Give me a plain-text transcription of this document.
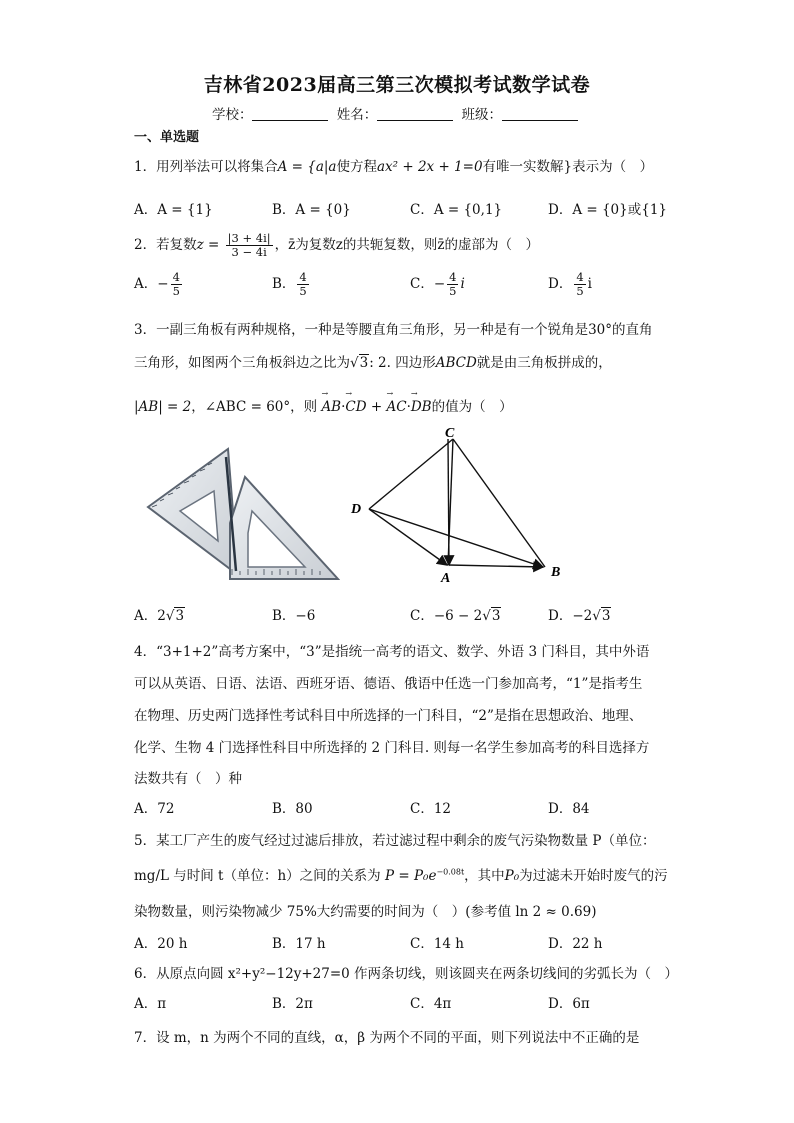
吉林省2023届高三第三次模拟考试数学试卷
学校：	姓名：	班级：
一、单选题
1．用列举法可以将集合A = {a|a使方程ax² + 2x + 1=0有唯一实数解}表示为（　）
A．A = {1}	B．A = {0}	C．A = {0,1}	D．A = {0}或{1}
2．若复数$z = \frac{|3 + 4i|}{3 - 4i}$ ，z̄为复数z的共轭复数，则z̄的虚部为（　）
A．− $\frac{4}{5}$	B． $\frac{4}{5}$	C．− $\frac{4}{5}$ i	D． $\frac{4}{5}$ i
3．一副三角板有两种规格，一种是等腰直角三角形，另一种是有一个锐角是30°的直角
三角形，如图两个三角板斜边之比为√3: 2. 四边形ABCD就是由三角板拼成的，
|AB| = 2，∠ABC = 60°，则 → AB·→ CD + → AC·→ DB的值为（　）
C
D
A	B
A．2√3	B．−6	C．−6 − 2√3	D．−2√3
4．“3+1+2”高考方案中，“3”是指统一高考的语文、数学、外语 3 门科目，其中外语
可以从英语、日语、法语、西班牙语、德语、俄语中任选一门参加高考，“1”是指考生
在物理、历史两门选择性考试科目中所选择的一门科目，“2”是指在思想政治、地理、
化学、生物 4 门选择性科目中所选择的 2 门科目. 则每一名学生参加高考的科目选择方
法数共有（　）种
A．72	B．80	C．12	D．84
5．某工厂产生的废气经过过滤后排放，若过滤过程中剩余的废气污染物数量 P（单位：
mg/L 与时间 t（单位：h）之间的关系为 $P = P_0e^{-0.08t}$，其中P₀为过滤未开始时废气的污
染物数量，则污染物减少 75%大约需要的时间为（　）(参考值 ln 2 ≈ 0.69)
A．20 h	B．17 h	C．14 h	D．22 h
6．从原点向圆 x²+y²−12y+27=0 作两条切线，则该圆夹在两条切线间的劣弧长为（　）
A．π	B．2π	C．4π	D．6π
7．设 m，n 为两个不同的直线，α，β 为两个不同的平面，则下列说法中不正确的是
